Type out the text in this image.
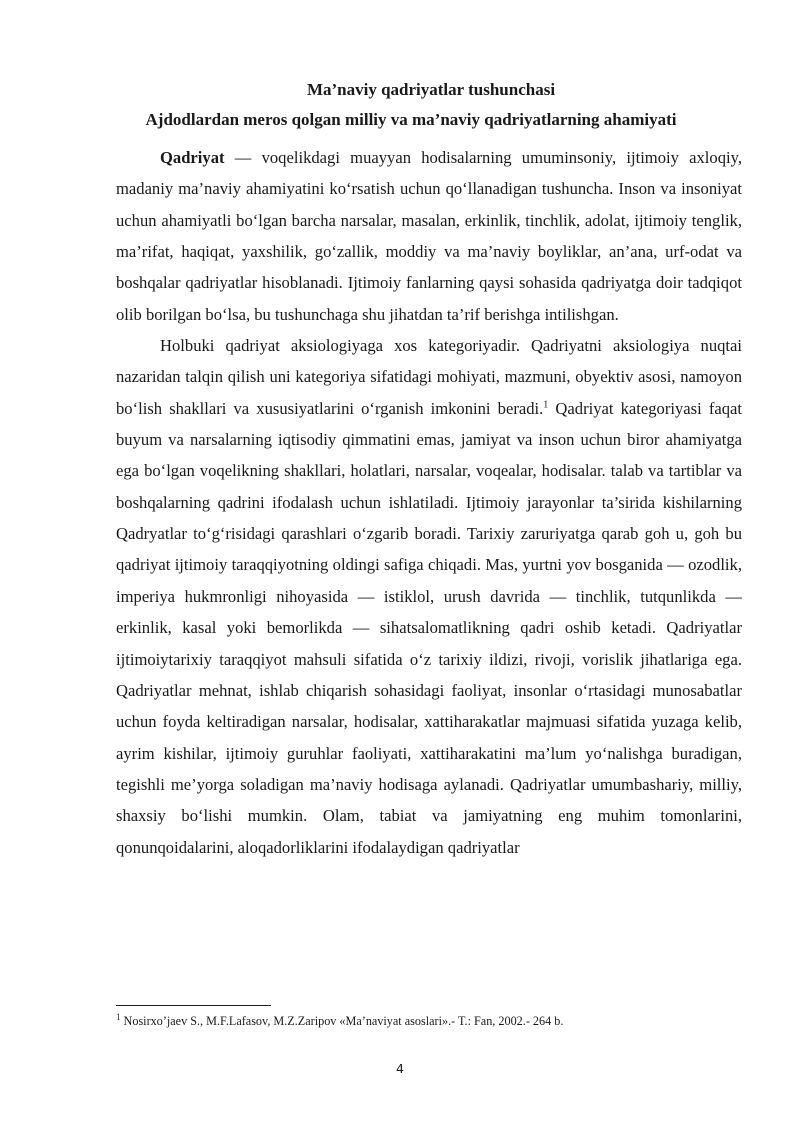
Ma’naviy qadriyatlar tushunchasi
Ajdodlardan meros qolgan milliy va ma’naviy qadriyatlarning ahamiyati

Qadriyat — voqelikdagi muayyan hodisalarning umuminsoniy, ijtimoiy axloqiy, madaniy ma’naviy ahamiyatini ko‘rsatish uchun qo‘llanadigan tushuncha. Inson va insoniyat uchun ahamiyatli bo‘lgan barcha narsalar, masalan, erkinlik, tinchlik, adolat, ijtimoiy tenglik, ma’rifat, haqiqat, yaxshilik, go‘zallik, moddiy va ma’naviy boyliklar, an’ana, urf-odat va boshqalar qadriyatlar hisoblanadi. Ijtimoiy fanlarning qaysi sohasida qadriyatga doir tadqiqot olib borilgan bo‘lsa, bu tushunchaga shu jihatdan ta’rif berishga intilishgan.

Holbuki qadriyat aksiologiyaga xos kategoriyadir. Qadriyatni aksiologiya nuqtai nazaridan talqin qilish uni kategoriya sifatidagi mohiyati, mazmuni, obyektiv asosi, namoyon bo‘lish shakllari va xususiyatlarini o‘rganish imkonini beradi.$^1$ Qadriyat kategoriyasi faqat buyum va narsalarning iqtisodiy qimmatini emas, jamiyat va inson uchun biror ahamiyatga ega bo‘lgan voqelikning shakllari, holatlari, narsalar, voqealar, hodisalar. talab va tartiblar va boshqalarning qadrini ifodalash uchun ishlatiladi. Ijtimoiy jarayonlar ta’sirida kishilarning Qadryatlar to‘g‘risidagi qarashlari o‘zgarib boradi. Tarixiy zaruriyatga qarab goh u, goh bu qadriyat ijtimoiy taraqqiyotning oldingi safiga chiqadi. Mas, yurtni yov bosganida — ozodlik, imperiya hukmronligi nihoyasida — istiklol, urush davrida — tinchlik, tutqunlikda — erkinlik, kasal yoki bemorlikda — sihatsalomatlikning qadri oshib ketadi. Qadriyatlar ijtimoiytarixiy taraqqiyot mahsuli sifatida o‘z tarixiy ildizi, rivoji, vorislik jihatlariga ega. Qadriyatlar mehnat, ishlab chiqarish sohasidagi faoliyat, insonlar o‘rtasidagi munosabatlar uchun foyda keltiradigan narsalar, hodisalar, xattiharakatlar majmuasi sifatida yuzaga kelib, ayrim kishilar, ijtimoiy guruhlar faoliyati, xattiharakatini ma’lum yo‘nalishga buradigan, tegishli me’yorga soladigan ma’naviy hodisaga aylanadi. Qadriyatlar umumbashariy, milliy, shaxsiy bo‘lishi mumkin. Olam, tabiat va jamiyatning eng muhim tomonlarini, qonunqoidalarini, aloqadorliklarini ifodalaydigan qadriyatlar

$^1$ Nosirxo’jaev S., M.F.Lafasov, M.Z.Zaripov «Ma’naviyat asoslari».- T.: Fan, 2002.- 264 b.
4
